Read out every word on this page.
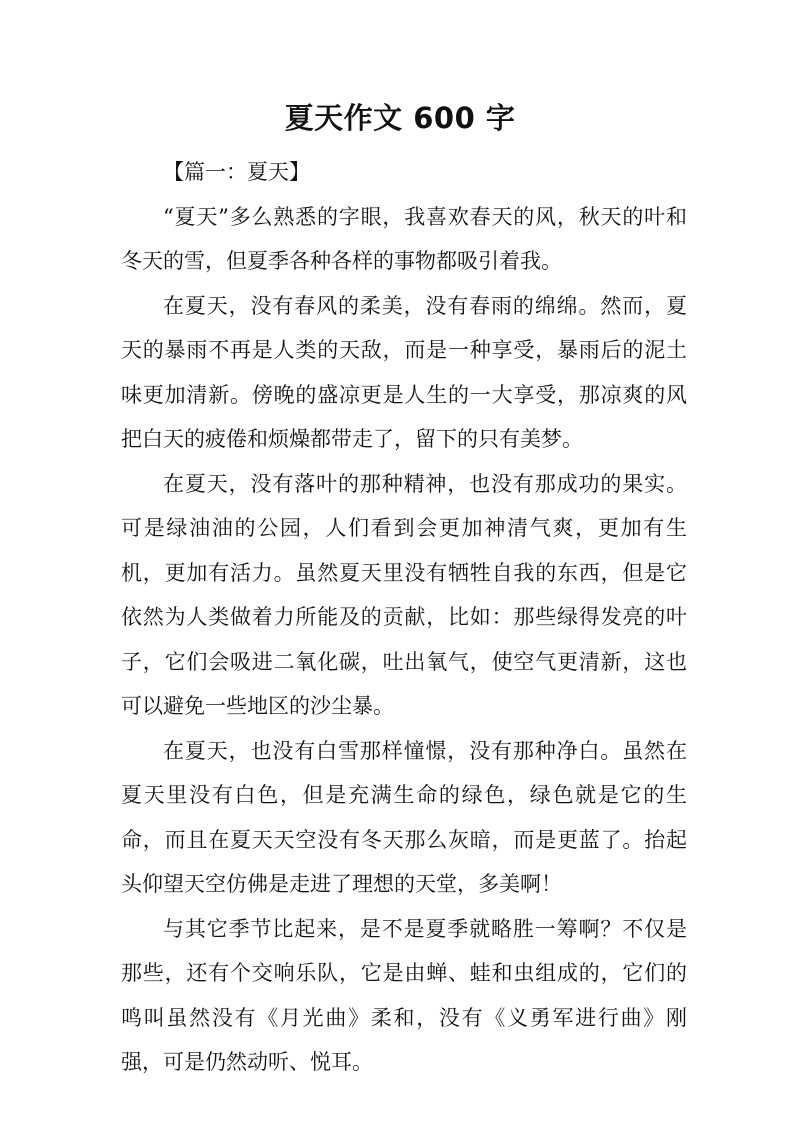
夏天作文 600 字

【篇一：夏天】

“夏天”多么熟悉的字眼，我喜欢春天的风，秋天的叶和冬天的雪，但夏季各种各样的事物都吸引着我。

在夏天，没有春风的柔美，没有春雨的绵绵。然而，夏天的暴雨不再是人类的天敌，而是一种享受，暴雨后的泥土味更加清新。傍晚的盛凉更是人生的一大享受，那凉爽的风把白天的疲倦和烦燥都带走了，留下的只有美梦。

在夏天，没有落叶的那种精神，也没有那成功的果实。可是绿油油的公园，人们看到会更加神清气爽，更加有生机，更加有活力。虽然夏天里没有牺牲自我的东西，但是它依然为人类做着力所能及的贡献，比如：那些绿得发亮的叶子，它们会吸进二氧化碳，吐出氧气，使空气更清新，这也可以避免一些地区的沙尘暴。

在夏天，也没有白雪那样憧憬，没有那种净白。虽然在夏天里没有白色，但是充满生命的绿色，绿色就是它的生命，而且在夏天天空没有冬天那么灰暗，而是更蓝了。抬起头仰望天空仿佛是走进了理想的天堂，多美啊！

与其它季节比起来，是不是夏季就略胜一筹啊？不仅是那些，还有个交响乐队，它是由蝉、蛙和虫组成的，它们的鸣叫虽然没有《月光曲》柔和，没有《义勇军进行曲》刚强，可是仍然动听、悦耳。
